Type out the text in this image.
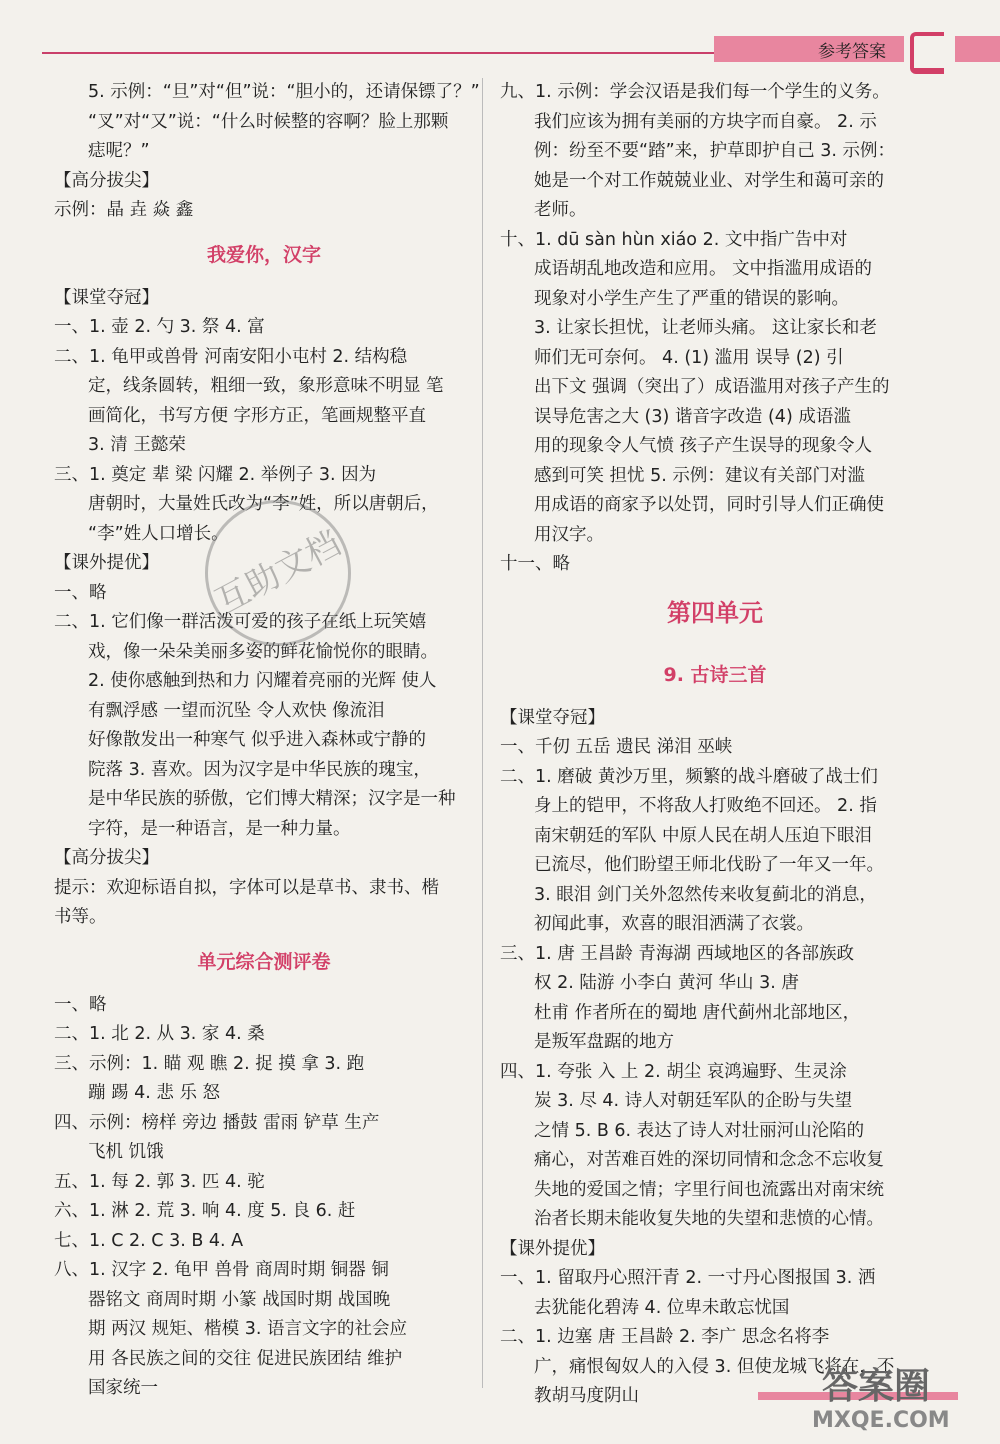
参考答案
5. 示例：“旦”对“但”说：“胆小的，还请保镖了？”
“叉”对“又”说：“什么时候整的容啊？脸上那颗
痣呢？”
【高分拔尖】
示例：晶 垚 焱 鑫
我爱你，汉字
【课堂夺冠】
一、1. 壶 2. 勺 3. 祭 4. 富
二、1. 龟甲或兽骨 河南安阳小屯村 2. 结构稳
定，线条圆转，粗细一致，象形意味不明显 笔
画简化，书写方便 字形方正，笔画规整平直
3. 清 王懿荣
三、1. 奠定 辈 梁 闪耀 2. 举例子 3. 因为
唐朝时，大量姓氏改为“李”姓，所以唐朝后，
“李”姓人口增长。
【课外提优】
一、略
二、1. 它们像一群活泼可爱的孩子在纸上玩笑嬉
戏，像一朵朵美丽多姿的鲜花愉悦你的眼睛。
2. 使你感触到热和力 闪耀着亮丽的光辉 使人
有飘浮感 一望而沉坠 令人欢快 像流泪
好像散发出一种寒气 似乎进入森林或宁静的
院落 3. 喜欢。因为汉字是中华民族的瑰宝，
是中华民族的骄傲，它们博大精深；汉字是一种
字符，是一种语言，是一种力量。
【高分拔尖】
提示：欢迎标语自拟，字体可以是草书、隶书、楷
书等。
单元综合测评卷
一、略
二、1. 北 2. 从 3. 家 4. 桑
三、示例：1. 瞄 观 瞧 2. 捉 摸 拿 3. 跑
蹦 踢 4. 悲 乐 怒
四、示例：榜样 旁边 播鼓 雷雨 铲草 生产
飞机 饥饿
五、1. 每 2. 郭 3. 匹 4. 驼
六、1. 淋 2. 荒 3. 响 4. 度 5. 良 6. 赶
七、1. C 2. C 3. B 4. A
八、1. 汉字 2. 龟甲 兽骨 商周时期 铜器 铜
器铭文 商周时期 小篆 战国时期 战国晚
期 两汉 规矩、楷模 3. 语言文字的社会应
用 各民族之间的交往 促进民族团结 维护
国家统一
九、1. 示例：学会汉语是我们每一个学生的义务。
我们应该为拥有美丽的方块字而自豪。 2. 示
例：纷至不要“踏”来，护草即护自己 3. 示例：
她是一个对工作兢兢业业、对学生和蔼可亲的
老师。
十、1. dū sàn hùn xiáo 2. 文中指广告中对
成语胡乱地改造和应用。 文中指滥用成语的
现象对小学生产生了严重的错误的影响。
3. 让家长担忧，让老师头痛。 这让家长和老
师们无可奈何。 4. (1) 滥用 误导 (2) 引
出下文 强调（突出了）成语滥用对孩子产生的
误导危害之大 (3) 谐音字改造 (4) 成语滥
用的现象令人气愤 孩子产生误导的现象令人
感到可笑 担忧 5. 示例：建议有关部门对滥
用成语的商家予以处罚，同时引导人们正确使
用汉字。
十一、略
第四单元
9. 古诗三首
【课堂夺冠】
一、千仞 五岳 遗民 涕泪 巫峡
二、1. 磨破 黄沙万里，频繁的战斗磨破了战士们
身上的铠甲，不将敌人打败绝不回还。 2. 指
南宋朝廷的军队 中原人民在胡人压迫下眼泪
已流尽，他们盼望王师北伐盼了一年又一年。
3. 眼泪 剑门关外忽然传来收复蓟北的消息，
初闻此事，欢喜的眼泪洒满了衣裳。
三、1. 唐 王昌龄 青海湖 西域地区的各部族政
权 2. 陆游 小李白 黄河 华山 3. 唐
杜甫 作者所在的蜀地 唐代蓟州北部地区，
是叛军盘踞的地方
四、1. 夸张 入 上 2. 胡尘 哀鸿遍野、生灵涂
炭 3. 尽 4. 诗人对朝廷军队的企盼与失望
之情 5. B 6. 表达了诗人对壮丽河山沦陷的
痛心，对苦难百姓的深切同情和念念不忘收复
失地的爱国之情；字里行间也流露出对南宋统
治者长期未能收复失地的失望和悲愤的心情。
【课外提优】
一、1. 留取丹心照汗青 2. 一寸丹心图报国 3. 洒
去犹能化碧涛 4. 位卑未敢忘忧国
二、1. 边塞 唐 王昌龄 2. 李广 思念名将李
广，痛恨匈奴人的入侵 3. 但使龙城飞将在，不
教胡马度阴山
互助文档
答案圈
MXQE.COM
